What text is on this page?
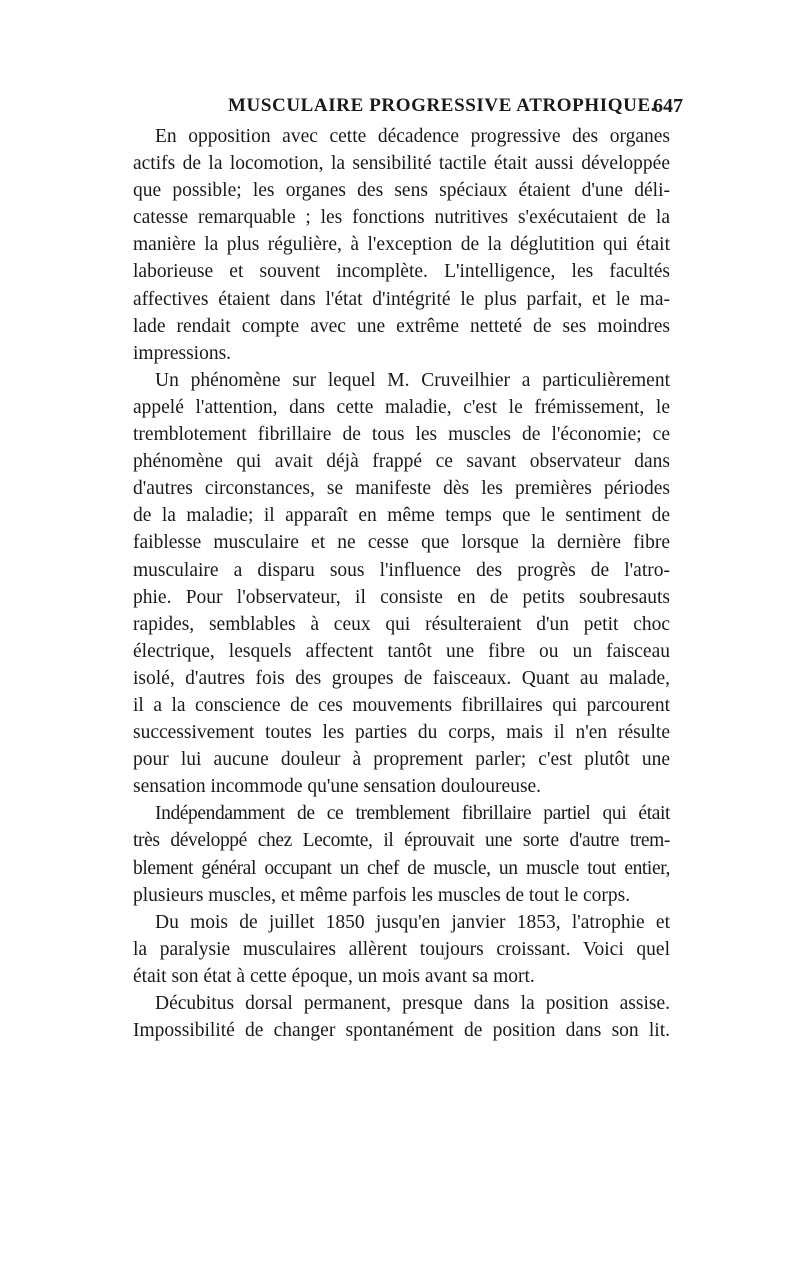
MUSCULAIRE PROGRESSIVE ATROPHIQUE.
647
En opposition avec cette décadence progressive des organes
actifs de la locomotion, la sensibilité tactile était aussi développée
que possible; les organes des sens spéciaux étaient d'une déli-
catesse remarquable ; les fonctions nutritives s'exécutaient de la
manière la plus régulière, à l'exception de la déglutition qui était
laborieuse et souvent incomplète. L'intelligence, les facultés
affectives étaient dans l'état d'intégrité le plus parfait, et le ma-
lade rendait compte avec une extrême netteté de ses moindres
impressions.
Un phénomène sur lequel M. Cruveilhier a particulièrement
appelé l'attention, dans cette maladie, c'est le frémissement, le
tremblotement fibrillaire de tous les muscles de l'économie; ce
phénomène qui avait déjà frappé ce savant observateur dans
d'autres circonstances, se manifeste dès les premières périodes
de la maladie; il apparaît en même temps que le sentiment de
faiblesse musculaire et ne cesse que lorsque la dernière fibre
musculaire a disparu sous l'influence des progrès de l'atro-
phie. Pour l'observateur, il consiste en de petits soubresauts
rapides, semblables à ceux qui résulteraient d'un petit choc
électrique, lesquels affectent tantôt une fibre ou un faisceau
isolé, d'autres fois des groupes de faisceaux. Quant au malade,
il a la conscience de ces mouvements fibrillaires qui parcourent
successivement toutes les parties du corps, mais il n'en résulte
pour lui aucune douleur à proprement parler; c'est plutôt une
sensation incommode qu'une sensation douloureuse.
Indépendamment de ce tremblement fibrillaire partiel qui était
très développé chez Lecomte, il éprouvait une sorte d'autre trem-
blement général occupant un chef de muscle, un muscle tout entier,
plusieurs muscles, et même parfois les muscles de tout le corps.
Du mois de juillet 1850 jusqu'en janvier 1853, l'atrophie et
la paralysie musculaires allèrent toujours croissant. Voici quel
était son état à cette époque, un mois avant sa mort.
Décubitus dorsal permanent, presque dans la position assise.
Impossibilité de changer spontanément de position dans son lit.
